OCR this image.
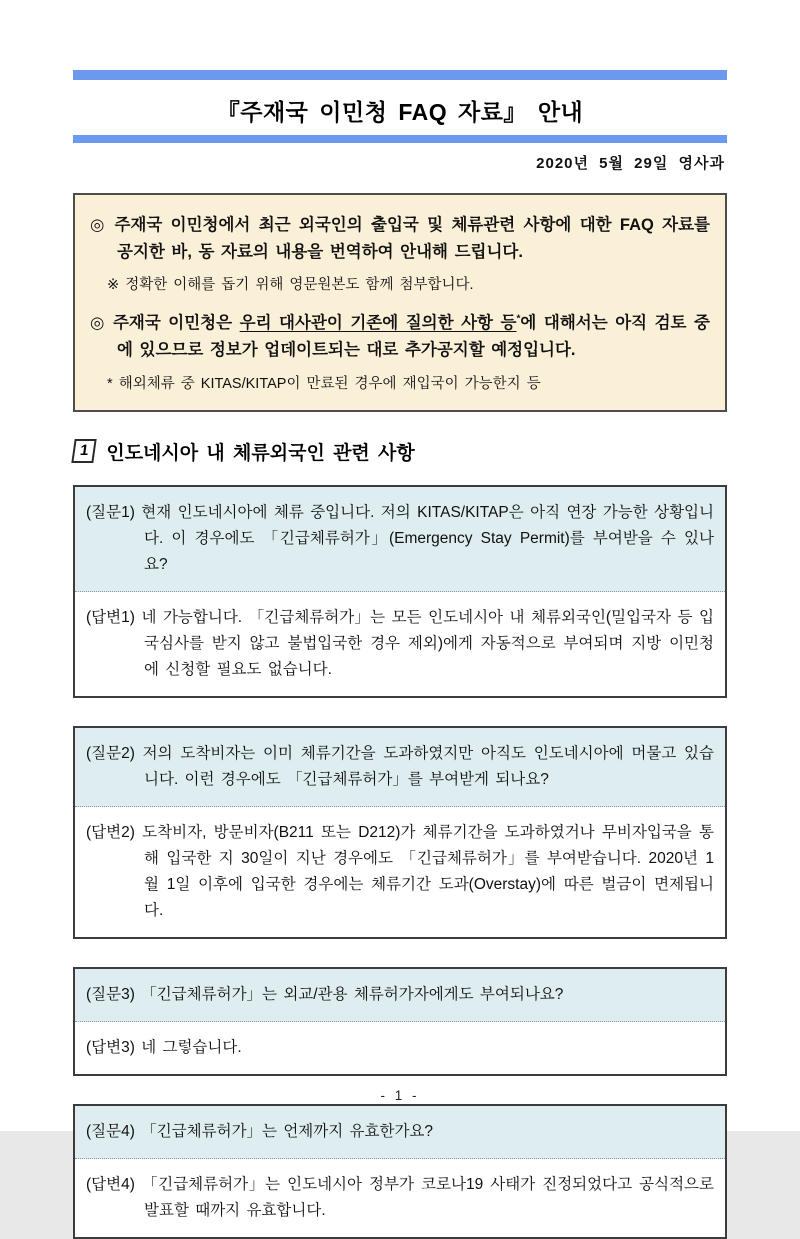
『주재국 이민청 FAQ 자료』 안내
2020년 5월 29일 영사과

◎ 주재국 이민청에서 최근 외국인의 출입국 및 체류관련 사항에 대한 FAQ 자료를 공지한 바, 동 자료의 내용을 번역하여 안내해 드립니다.

※ 정확한 이해를 돕기 위해 영문원본도 함께 첨부합니다.

◎ 주재국 이민청은 우리 대사관이 기존에 질의한 사항 등*에 대해서는 아직 검토 중에 있으므로 정보가 업데이트되는 대로 추가공지할 예정입니다.

* 해외체류 중 KITAS/KITAP이 만료된 경우에 재입국이 가능한지 등

1 인도네시아 내 체류외국인 관련 사항

(질문1) 현재 인도네시아에 체류 중입니다. 저의 KITAS/KITAP은 아직 연장 가능한 상황입니다. 이 경우에도 「긴급체류허가」(Emergency Stay Permit)를 부여받을 수 있나요?

(답변1) 네 가능합니다. 「긴급체류허가」는 모든 인도네시아 내 체류외국인(밀입국자 등 입국심사를 받지 않고 불법입국한 경우 제외)에게 자동적으로 부여되며 지방 이민청에 신청할 필요도 없습니다.

(질문2) 저의 도착비자는 이미 체류기간을 도과하였지만 아직도 인도네시아에 머물고 있습니다. 이런 경우에도 「긴급체류허가」를 부여받게 되나요?

(답변2) 도착비자, 방문비자(B211 또는 D212)가 체류기간을 도과하였거나 무비자입국을 통해 입국한 지 30일이 지난 경우에도 「긴급체류허가」를 부여받습니다. 2020년 1월 1일 이후에 입국한 경우에는 체류기간 도과(Overstay)에 따른 벌금이 면제됩니다.

(질문3) 「긴급체류허가」는 외교/관용 체류허가자에게도 부여되나요?

(답변3) 네 그렇습니다.

(질문4) 「긴급체류허가」는 언제까지 유효한가요?

(답변4) 「긴급체류허가」는 인도네시아 정부가 코로나19 사태가 진정되었다고 공식적으로 발표할 때까지 유효합니다.

- 1 -
